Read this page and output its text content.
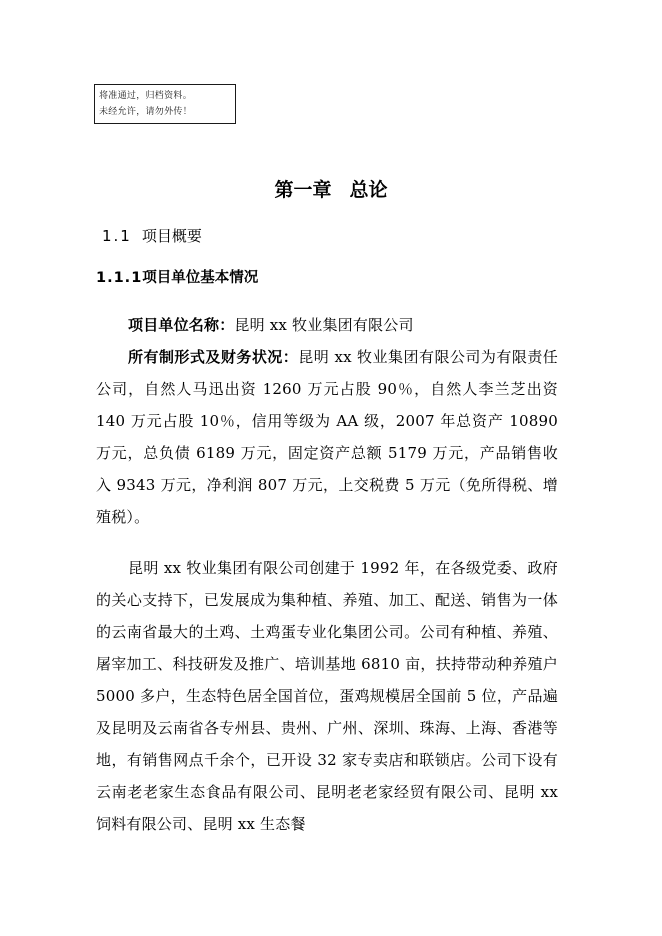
将准通过，归档资料。
未经允许，请勿外传！
第一章 总论
1.1 项目概要
1.1.1项目单位基本情况

项目单位名称：昆明 xx 牧业集团有限公司

所有制形式及财务状况：昆明 xx 牧业集团有限公司为有限责任公司，自然人马迅出资 1260 万元占股 90％，自然人李兰芝出资 140 万元占股 10％，信用等级为 AA 级，2007 年总资产 10890 万元，总负债 6189 万元，固定资产总额 5179 万元，产品销售收入 9343 万元，净利润 807 万元，上交税费 5 万元（免所得税、增殖税）。

昆明 xx 牧业集团有限公司创建于 1992 年，在各级党委、政府的关心支持下，已发展成为集种植、养殖、加工、配送、销售为一体的云南省最大的土鸡、土鸡蛋专业化集团公司。公司有种植、养殖、屠宰加工、科技研发及推广、培训基地 6810 亩，扶持带动种养殖户 5000 多户，生态特色居全国首位，蛋鸡规模居全国前 5 位，产品遍及昆明及云南省各专州县、贵州、广州、深圳、珠海、上海、香港等地，有销售网点千余个，已开设 32 家专卖店和联锁店。公司下设有云南老老家生态食品有限公司、昆明老老家经贸有限公司、昆明 xx 饲料有限公司、昆明 xx 生态餐
